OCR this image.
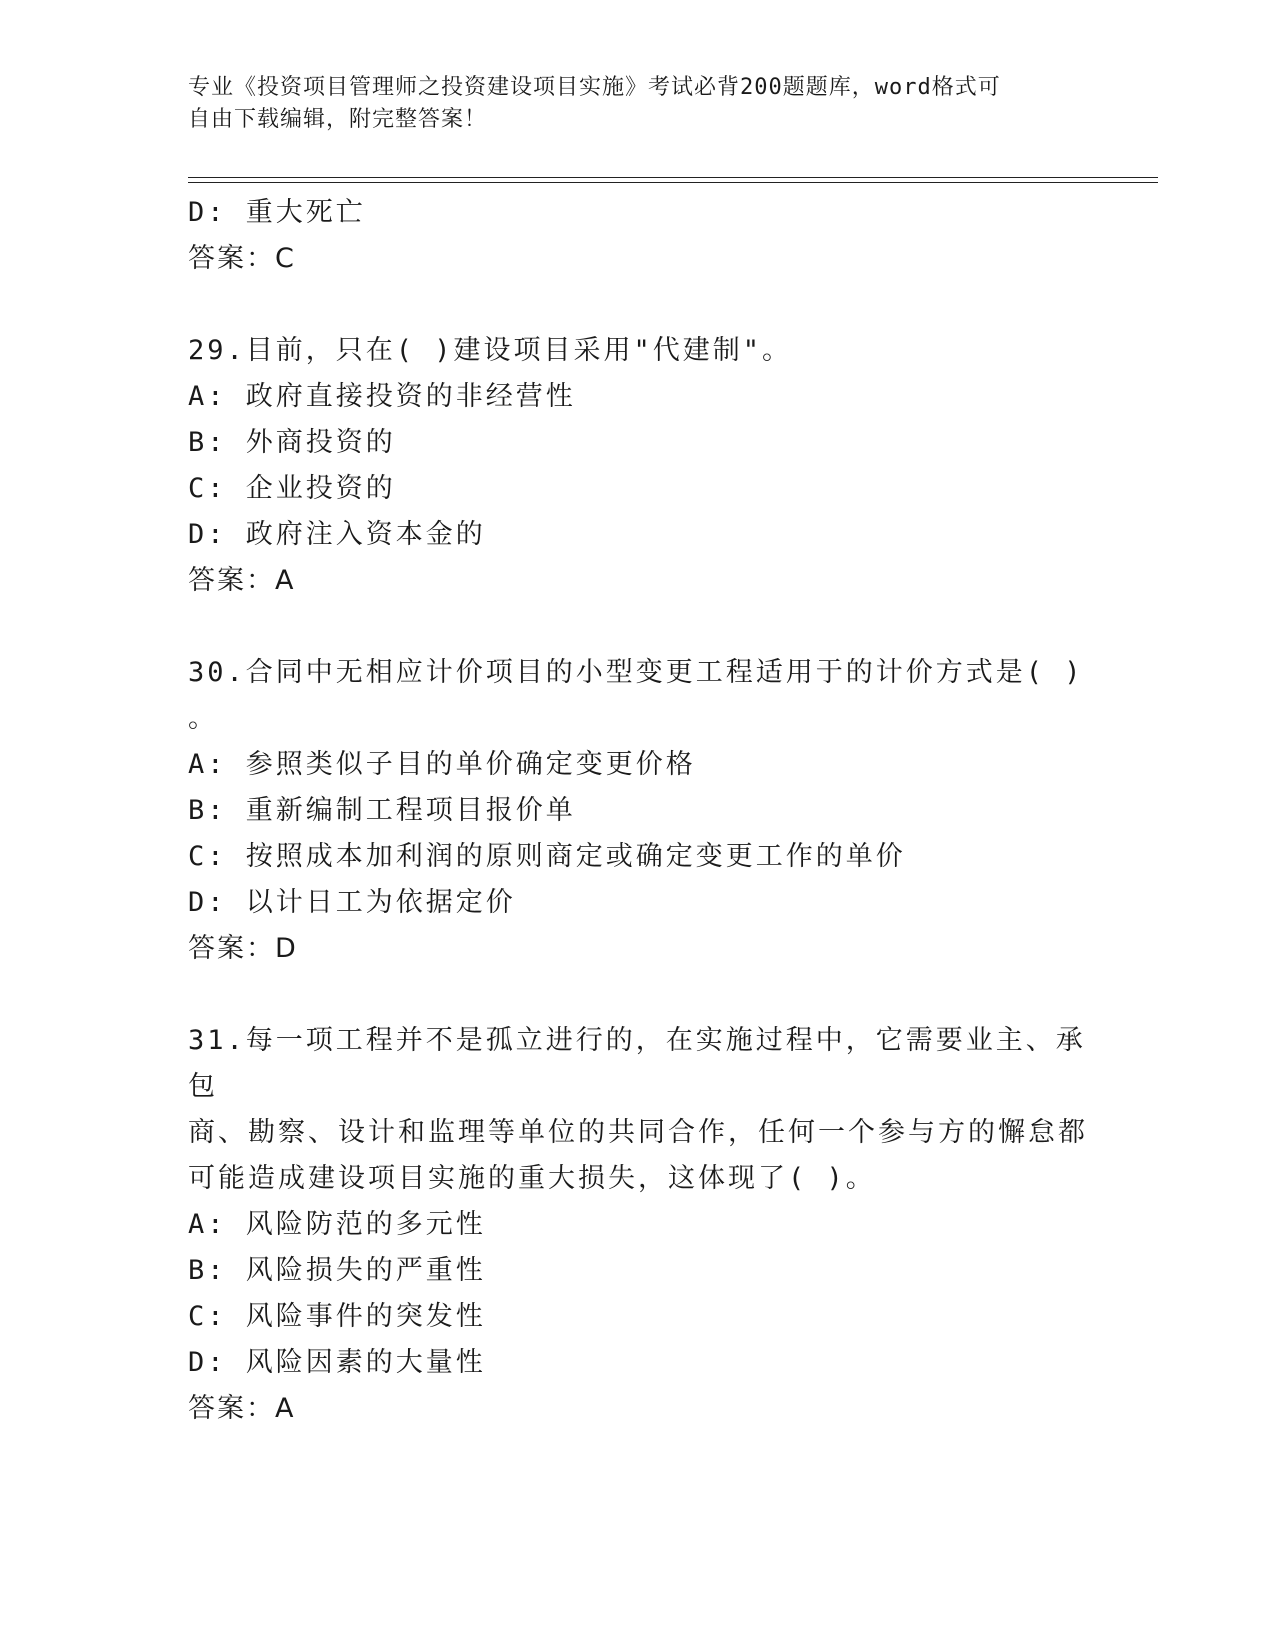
专业《投资项目管理师之投资建设项目实施》考试必背200题题库，word格式可
自由下载编辑，附完整答案！

D: 重大死亡

答案：C

29.目前，只在( )建设项目采用"代建制"。

A: 政府直接投资的非经营性

B: 外商投资的

C: 企业投资的

D: 政府注入资本金的

答案：A

30.合同中无相应计价项目的小型变更工程适用于的计价方式是( )

。

A: 参照类似子目的单价确定变更价格

B: 重新编制工程项目报价单

C: 按照成本加利润的原则商定或确定变更工作的单价

D: 以计日工为依据定价

答案：D

31.每一项工程并不是孤立进行的，在实施过程中，它需要业主、承包

商、勘察、设计和监理等单位的共同合作，任何一个参与方的懈怠都

可能造成建设项目实施的重大损失，这体现了( )。

A: 风险防范的多元性

B: 风险损失的严重性

C: 风险事件的突发性

D: 风险因素的大量性

答案：A
